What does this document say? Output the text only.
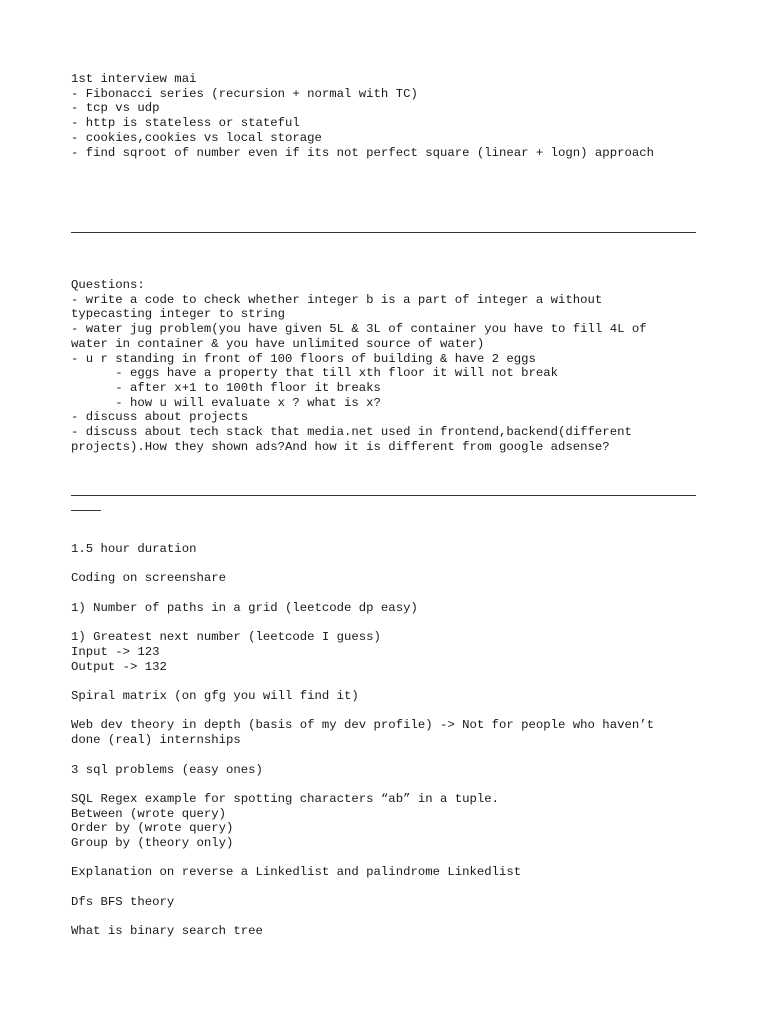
1st interview mai
- Fibonacci series (recursion + normal with TC)
- tcp vs udp
- http is stateless or stateful
- cookies,cookies vs local storage
- find sqroot of number even if its not perfect square (linear + logn) approach
Questions:
- write a code to check whether integer b is a part of integer a without
typecasting integer to string
- water jug problem(you have given 5L & 3L of container you have to fill 4L of
water in container & you have unlimited source of water)
- u r standing in front of 100 floors of building & have 2 eggs
- eggs have a property that till xth floor it will not break
- after x+1 to 100th floor it breaks
- how u will evaluate x ? what is x?
- discuss about projects
- discuss about tech stack that media.net used in frontend,backend(different
projects).How they shown ads?And how it is different from google adsense?
1.5 hour duration

Coding on screenshare

1) Number of paths in a grid (leetcode dp easy)

1) Greatest next number (leetcode I guess)
Input -> 123
Output -> 132

Spiral matrix (on gfg you will find it)

Web dev theory in depth (basis of my dev profile) -> Not for people who haven’t
done (real) internships

3 sql problems (easy ones)

SQL Regex example for spotting characters “ab” in a tuple.
Between (wrote query)
Order by (wrote query)
Group by (theory only)

Explanation on reverse a Linkedlist and palindrome Linkedlist

Dfs BFS theory

What is binary search tree
